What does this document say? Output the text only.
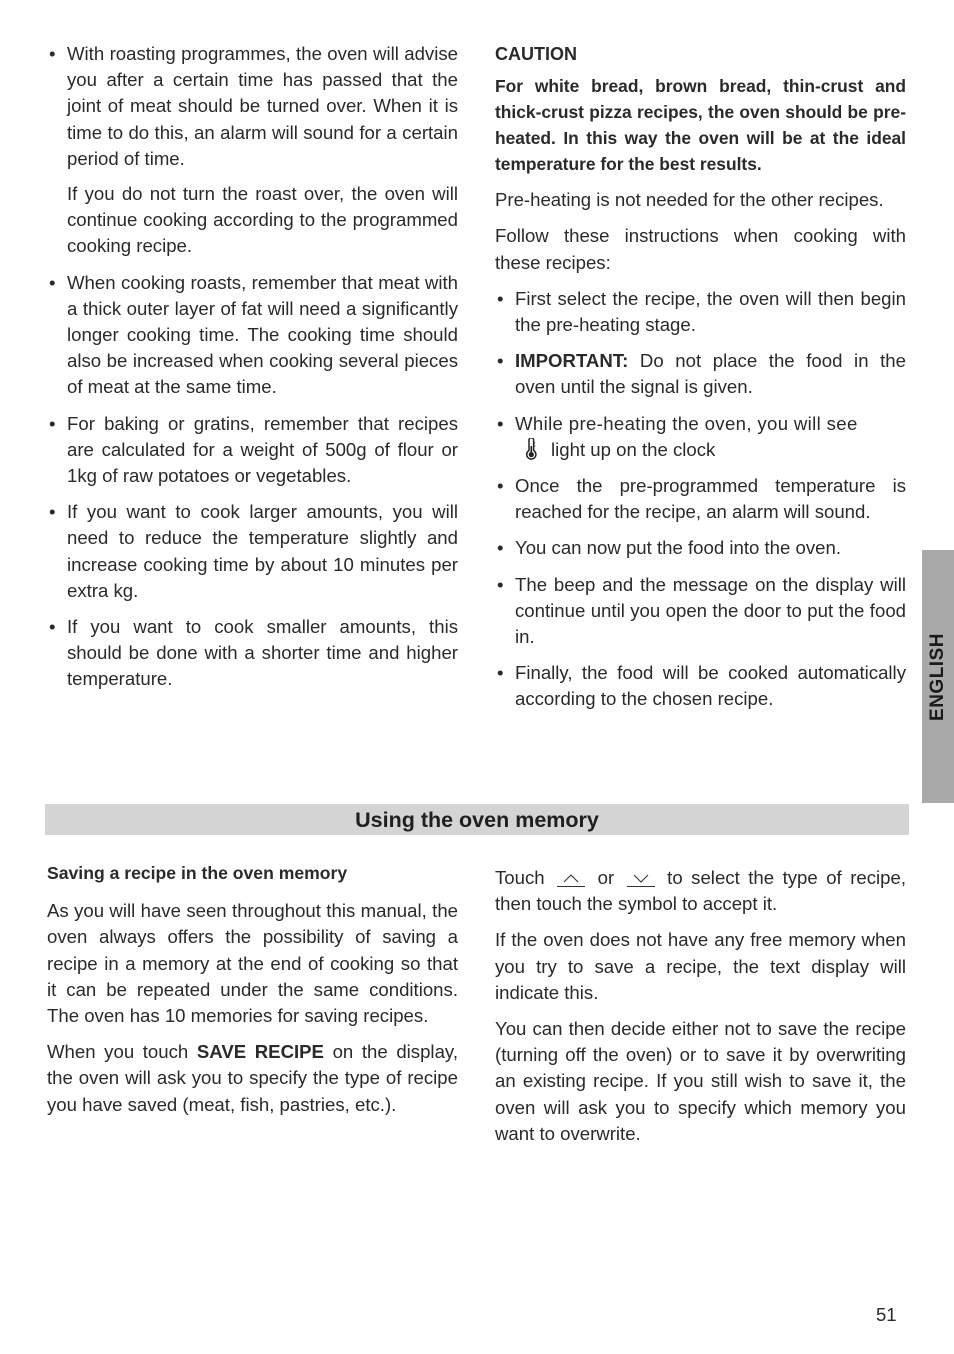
• With roasting programmes, the oven will advise you after a certain time has passed that the joint of meat should be turned over. When it is time to do this, an alarm will sound for a certain period of time.

If you do not turn the roast over, the oven will continue cooking according to the programmed cooking recipe.

• When cooking roasts, remember that meat with a thick outer layer of fat will need a significantly longer cooking time. The cooking time should also be increased when cooking several pieces of meat at the same time.

• For baking or gratins, remember that recipes are calculated for a weight of 500g of flour or 1kg of raw potatoes or vegetables.

• If you want to cook larger amounts, you will need to reduce the temperature slightly and increase cooking time by about 10 minutes per extra kg.

• If you want to cook smaller amounts, this should be done with a shorter time and higher temperature.

CAUTION

For white bread, brown bread, thin-crust and thick-crust pizza recipes, the oven should be pre-heated. In this way the oven will be at the ideal temperature for the best results.

Pre-heating is not needed for the other recipes.

Follow these instructions when cooking with these recipes:

• First select the recipe, the oven will then begin the pre-heating stage.

• IMPORTANT: Do not place the food in the oven until the signal is given.

• While pre-heating the oven, you will see
light up on the clock

• Once the pre-programmed temperature is reached for the recipe, an alarm will sound.

• You can now put the food into the oven.

• The beep and the message on the display will continue until you open the door to put the food in.

• Finally, the food will be cooked automatically according to the chosen recipe.	ENGLISH
Using the oven memory
Saving a recipe in the oven memory

As you will have seen throughout this manual, the oven always offers the possibility of saving a recipe in a memory at the end of cooking so that it can be repeated under the same conditions. The oven has 10 memories for saving recipes.

When you touch SAVE RECIPE on the display, the oven will ask you to specify the type of recipe you have saved (meat, fish, pastries, etc.).

Touch	or	to select the type of recipe, then touch the symbol to accept it.

If the oven does not have any free memory when you try to save a recipe, the text display will indicate this.

You can then decide either not to save the recipe (turning off the oven) or to save it by overwriting an existing recipe. If you still wish to save it, the oven will ask you to specify which memory you want to overwrite.

51
